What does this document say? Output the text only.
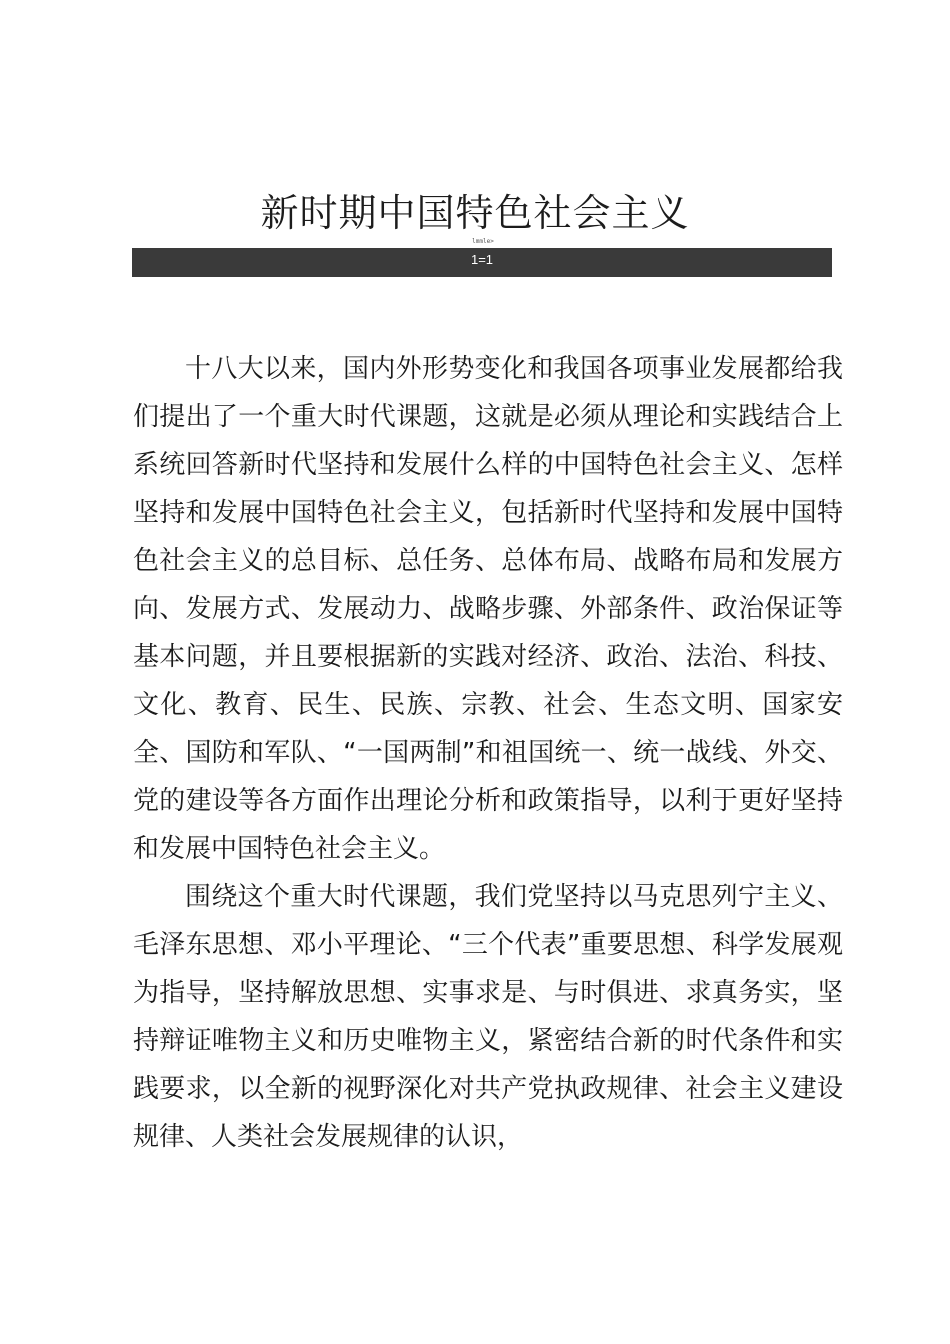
新时期中国特色社会主义
lmmle>
1=1

十八大以来，国内外形势变化和我国各项事业发展都给我们提出了一个重大时代课题，这就是必须从理论和实践结合上系统回答新时代坚持和发展什么样的中国特色社会主义、怎样坚持和发展中国特色社会主义，包括新时代坚持和发展中国特色社会主义的总目标、总任务、总体布局、战略布局和发展方向、发展方式、发展动力、战略步骤、外部条件、政治保证等基本问题，并且要根据新的实践对经济、政治、法治、科技、文化、教育、民生、民族、宗教、社会、生态文明、国家安全、国防和军队、“一国两制”和祖国统一、统一战线、外交、党的建设等各方面作出理论分析和政策指导，以利于更好坚持和发展中国特色社会主义。

围绕这个重大时代课题，我们党坚持以马克思列宁主义、毛泽东思想、邓小平理论、“三个代表”重要思想、科学发展观为指导，坚持解放思想、实事求是、与时俱进、求真务实，坚持辩证唯物主义和历史唯物主义，紧密结合新的时代条件和实践要求，以全新的视野深化对共产党执政规律、社会主义建设规律、人类社会发展规律的认识，
